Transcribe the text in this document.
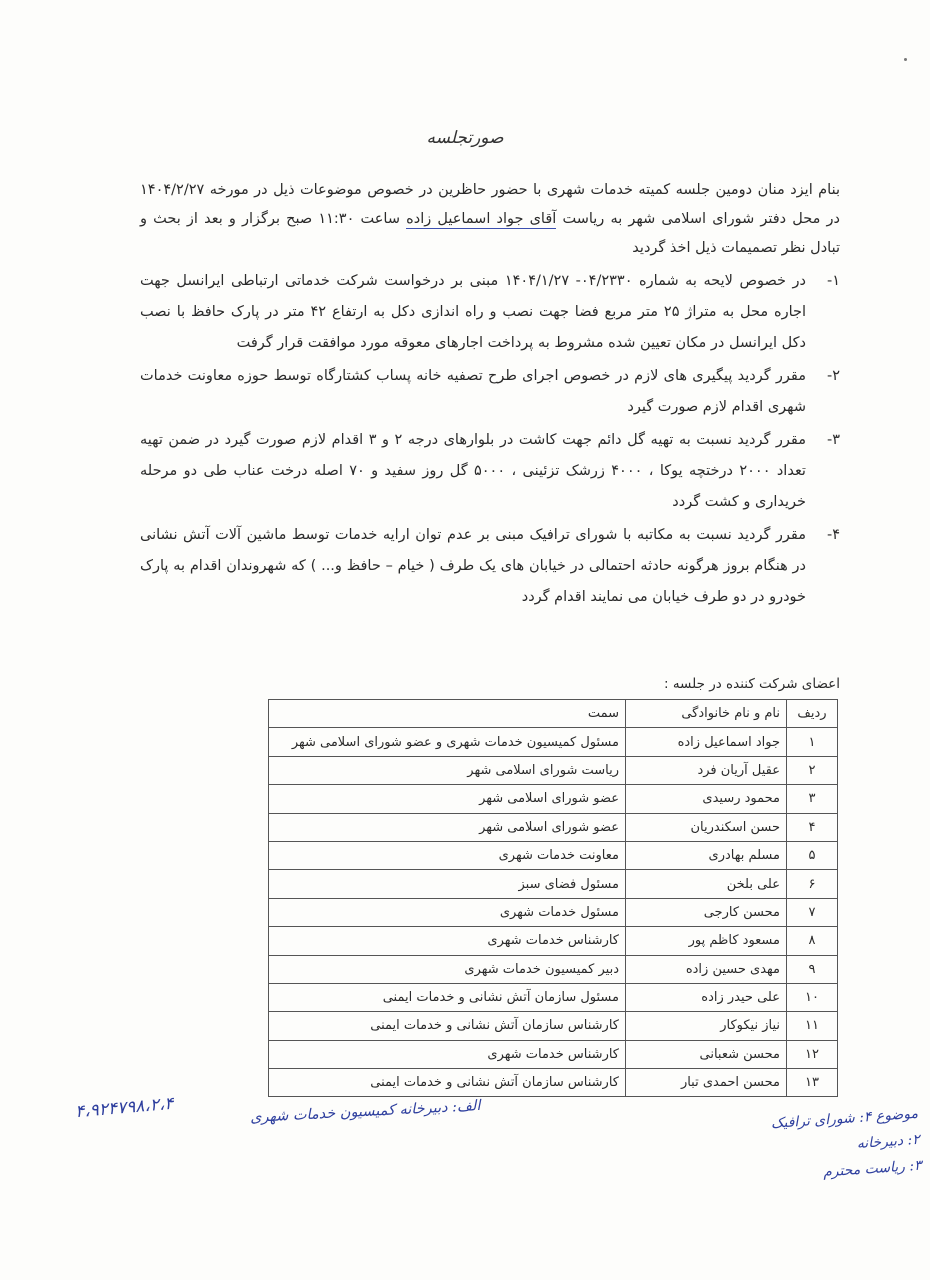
صورتجلسه
بنام ایزد منان دومین جلسه کمیته خدمات شهری با حضور حاظرین در خصوص موضوعات ذیل در مورخه ۱۴۰۴/۲/۲۷ در محل دفتر شورای اسلامی شهر به ریاست آقای جواد اسماعیل زاده ساعت ۱۱:۳۰ صبح برگزار و بعد از بحث و تبادل نظر تصمیمات ذیل اخذ گردید
۱-
در خصوص لایحه به شماره ۰۴/۲۳۳۰- ۱۴۰۴/۱/۲۷ مبنی بر درخواست شرکت خدماتی ارتباطی ایرانسل جهت اجاره محل به متراژ ۲۵ متر مربع فضا جهت نصب و راه اندازی دکل به ارتفاع ۴۲ متر در پارک حافظ با نصب دکل ایرانسل در مکان تعیین شده مشروط به پرداخت اجارهای معوقه مورد موافقت قرار گرفت
۲-
مقرر گردید پیگیری های لازم در خصوص اجرای طرح تصفیه خانه پساب کشتارگاه توسط حوزه معاونت خدمات شهری اقدام لازم صورت گیرد
۳-
مقرر گردید نسبت به تهیه گل دائم جهت کاشت در بلوارهای درجه ۲ و ۳ اقدام لازم صورت گیرد در ضمن تهیه تعداد ۲۰۰۰ درختچه یوکا ، ۴۰۰۰ زرشک تزئینی ، ۵۰۰۰ گل روز سفید و ۷۰ اصله درخت عناب طی دو مرحله خریداری و کشت گردد
۴-
مقرر گردید نسبت به مکاتبه با شورای ترافیک مبنی بر عدم توان ارایه خدمات توسط ماشین آلات آتش نشانی در هنگام بروز هرگونه حادثه احتمالی در خیابان های یک طرف ( خیام – حافظ و... ) که شهروندان اقدام به پارک خودرو در دو طرف خیابان می نمایند اقدام گردد
اعضای شرکت کننده در جلسه :
ردیف	نام و نام خانوادگی	سمت
۱	جواد اسماعیل زاده	مسئول کمیسیون خدمات شهری و عضو شورای اسلامی شهر
۲	عقیل آریان فرد	ریاست شورای اسلامی شهر
۳	محمود رسیدی	عضو شورای اسلامی شهر
۴	حسن اسکندریان	عضو شورای اسلامی شهر
۵	مسلم بهادری	معاونت خدمات شهری
۶	علی بلخن	مسئول فضای سبز
۷	محسن کارجی	مسئول خدمات شهری
۸	مسعود کاظم پور	کارشناس خدمات شهری
۹	مهدی حسین زاده	دبیر کمیسیون خدمات شهری
۱۰	علی حیدر زاده	مسئول سازمان آتش نشانی و خدمات ایمنی
۱۱	نیاز نیکوکار	کارشناس سازمان آتش نشانی و خدمات ایمنی
۱۲	محسن شعبانی	کارشناس خدمات شهری
۱۳	محسن احمدی تبار	کارشناس سازمان آتش نشانی و خدمات ایمنی
۴،۹۲۴۷۹۸،۲،۴	الف: دبیرخانه کمیسیون خدمات شهری	موضوع ۴: شورای ترافیک
۲: دبیرخانه
۳: ریاست محترم
